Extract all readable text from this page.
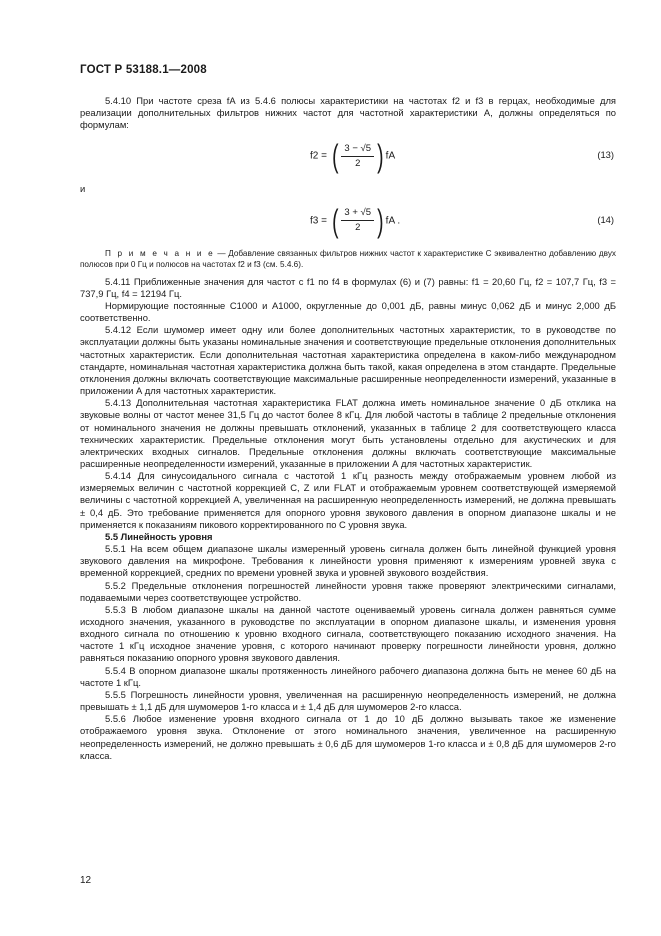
ГОСТ Р 53188.1—2008

5.4.10 При частоте среза fA из 5.4.6 полюсы характеристики на частотах f2 и f3 в герцах, необходимые для реализации дополнительных фильтров нижних частот для частотной характеристики A, должны определяться по формулам:

f2 = ( $\frac{3 - √5}{2}$ ) fA	(13)
и
f3 = ( $\frac{3 + √5}{2}$ ) fA .	(14)

П р и м е ч а н и е — Добавление связанных фильтров нижних частот к характеристике C эквивалентно добавлению двух полюсов при 0 Гц и полюсов на частотах f2 и f3 (см. 5.4.6).

5.4.11 Приближенные значения для частот с f1 по f4 в формулах (6) и (7) равны: f1 = 20,60 Гц, f2 = 107,7 Гц, f3 = 737,9 Гц, f4 = 12194 Гц.

Нормирующие постоянные C1000 и A1000, округленные до 0,001 дБ, равны минус 0,062 дБ и минус 2,000 дБ соответственно.

5.4.12 Если шумомер имеет одну или более дополнительных частотных характеристик, то в руководстве по эксплуатации должны быть указаны номинальные значения и соответствующие предельные отклонения дополнительных частотных характеристик. Если дополнительная частотная характеристика определена в каком-либо международном стандарте, номинальная частотная характеристика должна быть такой, какая определена в этом стандарте. Предельные отклонения должны включать соответствующие максимальные расширенные неопределенности измерений, указанные в приложении А для частотных характеристик.

5.4.13 Дополнительная частотная характеристика FLAT должна иметь номинальное значение 0 дБ отклика на звуковые волны от частот менее 31,5 Гц до частот более 8 кГц. Для любой частоты в таблице 2 предельные отклонения от номинального значения не должны превышать отклонений, указанных в таблице 2 для соответствующего класса технических характеристик. Предельные отклонения могут быть установлены отдельно для акустических и для электрических входных сигналов. Предельные отклонения должны включать соответствующие максимальные расширенные неопределенности измерений, указанные в приложении А для частотных характеристик.

5.4.14 Для синусоидального сигнала с частотой 1 кГц разность между отображаемым уровнем любой из измеряемых величин с частотной коррекцией C, Z или FLAT и отображаемым уровнем соответствующей измеряемой величины с частотной коррекцией A, увеличенная на расширенную неопределенность измерений, не должна превышать ± 0,4 дБ. Это требование применяется для опорного уровня звукового давления в опорном диапазоне шкалы и не применяется к показаниям пикового корректированного по C уровня звука.

5.5 Линейность уровня

5.5.1 На всем общем диапазоне шкалы измеренный уровень сигнала должен быть линейной функцией уровня звукового давления на микрофоне. Требования к линейности уровня применяют к измерениям уровней звука с временной коррекцией, средних по времени уровней звука и уровней звукового воздействия.

5.5.2 Предельные отклонения погрешностей линейности уровня также проверяют электрическими сигналами, подаваемыми через соответствующее устройство.

5.5.3 В любом диапазоне шкалы на данной частоте оцениваемый уровень сигнала должен равняться сумме исходного значения, указанного в руководстве по эксплуатации в опорном диапазоне шкалы, и изменения уровня входного сигнала по отношению к уровню входного сигнала, соответствующего показанию исходного значения. На частоте 1 кГц исходное значение уровня, с которого начинают проверку погрешности линейности уровня, должно равняться показанию опорного уровня звукового давления.

5.5.4 В опорном диапазоне шкалы протяженность линейного рабочего диапазона должна быть не менее 60 дБ на частоте 1 кГц.

5.5.5 Погрешность линейности уровня, увеличенная на расширенную неопределенность измерений, не должна превышать ± 1,1 дБ для шумомеров 1-го класса и ± 1,4 дБ для шумомеров 2-го класса.

5.5.6 Любое изменение уровня входного сигнала от 1 до 10 дБ должно вызывать такое же изменение отображаемого уровня звука. Отклонение от этого номинального значения, увеличенное на расширенную неопределенность измерений, не должно превышать ± 0,6 дБ для шумомеров 1-го класса и ± 0,8 дБ для шумомеров 2-го класса.

12
